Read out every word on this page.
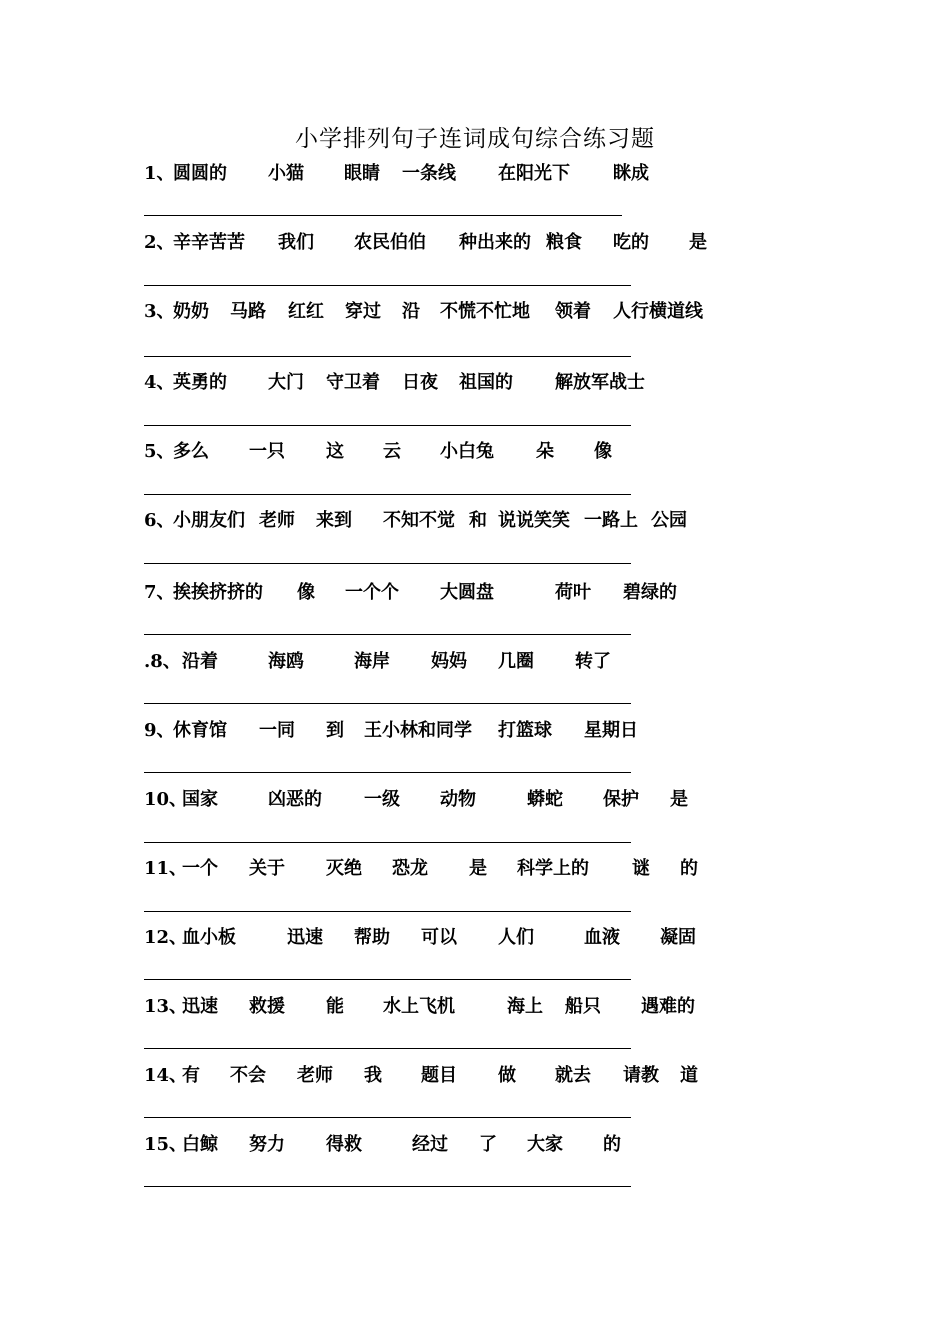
小学排列句子连词成句综合练习题
1、
圆圆的 小猫 眼睛 一条线 在阳光下 眯成
2、
辛辛苦苦 我们 农民伯伯 种出来的 粮食 吃的 是
3、
奶奶 马路 红红 穿过 沿 不慌不忙地 领着 人行横道线
4、
英勇的 大门 守卫着 日夜 祖国的 解放军战士
5、
多么 一只 这 云 小白兔 朵 像
6、
小朋友们 老师 来到 不知不觉 和 说说笑笑 一路上 公园
7、
挨挨挤挤的 像 一个个 大圆盘	荷叶 碧绿的
.8、 沿着	海鸥	海岸 妈妈 几圈 转了
9、
休育馆 一同 到 王小林和同学 打篮球 星期日
10、
国家	凶恶的 一级 动物	蟒蛇 保护 是
11、
一个 关于 灭绝 恐龙 是 科学上的 谜 的
12、
血小板	迅速 帮助 可以 人们	血液 凝固
13、
迅速 救援 能 水上飞机	海上 船只 遇难的
14、
有 不会 老师 我 题目 做 就去 请教 道
15、
白鲸 努力 得救	经过 了 大家 的
